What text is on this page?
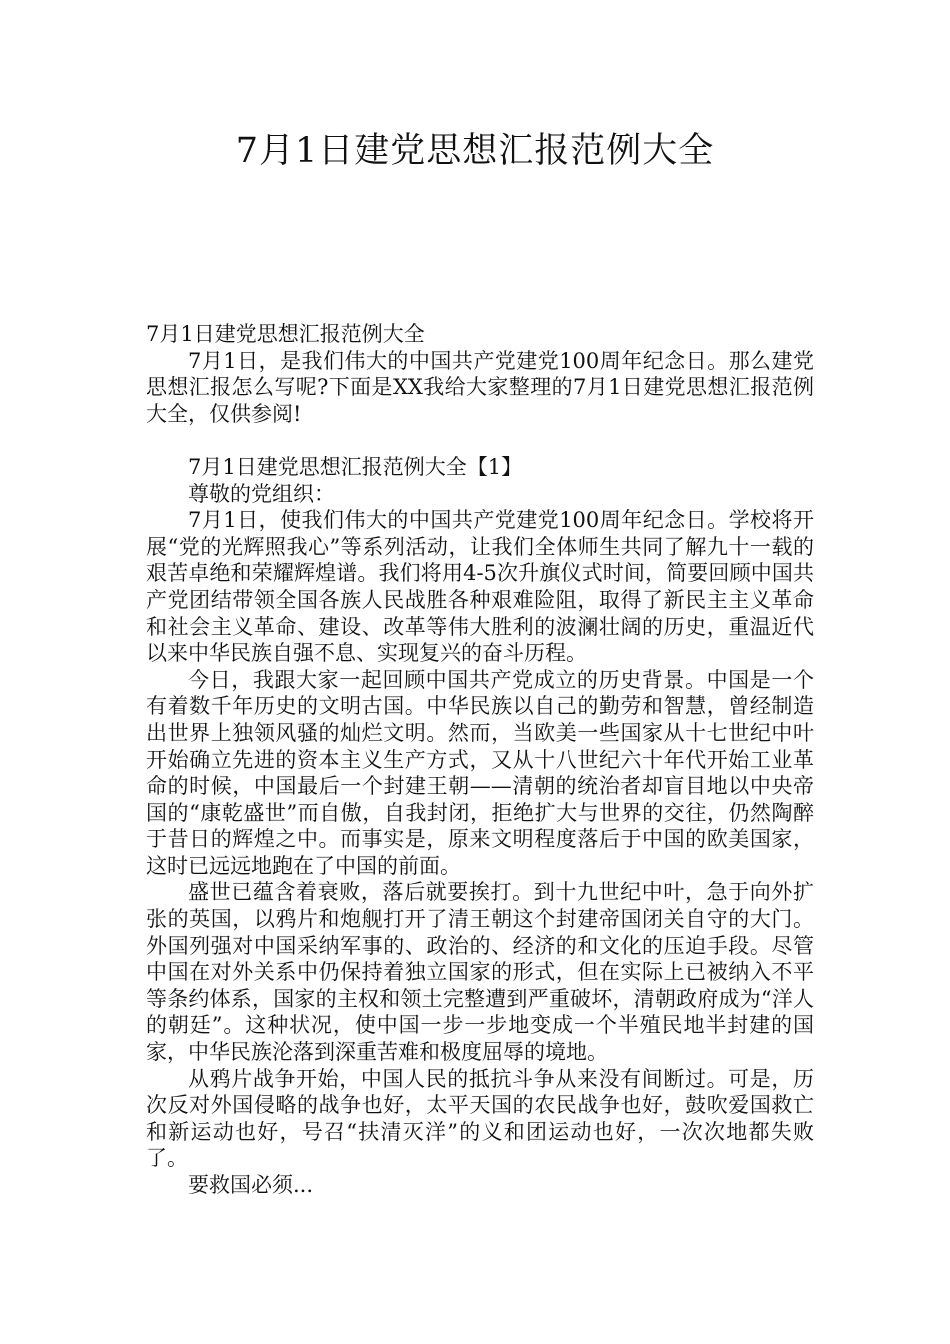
7月1日建党思想汇报范例大全

7月1日建党思想汇报范例大全

7月1日，是我们伟大的中国共产党建党100周年纪念日。那么建党思想汇报怎么写呢?下面是XX我给大家整理的7月1日建党思想汇报范例大全，仅供参阅!

7月1日建党思想汇报范例大全【1】

尊敬的党组织：

7月1日，使我们伟大的中国共产党建党100周年纪念日。学校将开展“党的光辉照我心”等系列活动，让我们全体师生共同了解九十一载的艰苦卓绝和荣耀辉煌谱。我们将用4-5次升旗仪式时间，简要回顾中国共产党团结带领全国各族人民战胜各种艰难险阻，取得了新民主主义革命和社会主义革命、建设、改革等伟大胜利的波澜壮阔的历史，重温近代以来中华民族自强不息、实现复兴的奋斗历程。

今日，我跟大家一起回顾中国共产党成立的历史背景。中国是一个有着数千年历史的文明古国。中华民族以自己的勤劳和智慧，曾经制造出世界上独领风骚的灿烂文明。然而，当欧美一些国家从十七世纪中叶开始确立先进的资本主义生产方式，又从十八世纪六十年代开始工业革命的时候，中国最后一个封建王朝——清朝的统治者却盲目地以中央帝国的“康乾盛世”而自傲，自我封闭，拒绝扩大与世界的交往，仍然陶醉于昔日的辉煌之中。而事实是，原来文明程度落后于中国的欧美国家，这时已远远地跑在了中国的前面。

盛世已蕴含着衰败，落后就要挨打。到十九世纪中叶，急于向外扩张的英国，以鸦片和炮舰打开了清王朝这个封建帝国闭关自守的大门。外国列强对中国采纳军事的、政治的、经济的和文化的压迫手段。尽管中国在对外关系中仍保持着独立国家的形式，但在实际上已被纳入不平等条约体系，国家的主权和领土完整遭到严重破坏，清朝政府成为“洋人的朝廷”。这种状况，使中国一步一步地变成一个半殖民地半封建的国家，中华民族沦落到深重苦难和极度屈辱的境地。

从鸦片战争开始，中国人民的抵抗斗争从来没有间断过。可是，历次反对外国侵略的战争也好，太平天国的农民战争也好，鼓吹爱国救亡和新运动也好，号召“扶清灭洋”的义和团运动也好，一次次地都失败了。

要救国必须...
